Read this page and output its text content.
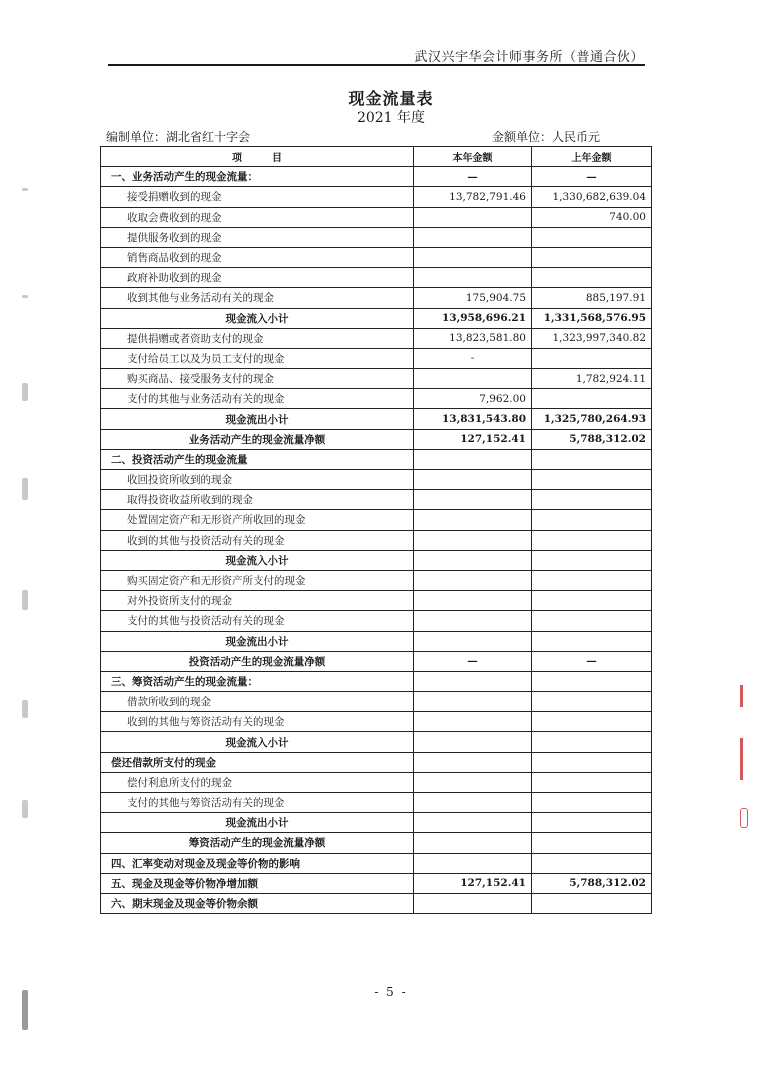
武汉兴宇华会计师事务所（普通合伙）
现金流量表
2021 年度
编制单位：湖北省红十字会	金额单位：人民币元
项　　　目	本年金额	上年金额
一、业务活动产生的现金流量：	—	—
接受捐赠收到的现金	13,782,791.46	1,330,682,639.04
收取会费收到的现金		740.00
提供服务收到的现金		
销售商品收到的现金		
政府补助收到的现金		
收到其他与业务活动有关的现金	175,904.75	885,197.91
现金流入小计	13,958,696.21	1,331,568,576.95
提供捐赠或者资助支付的现金	13,823,581.80	1,323,997,340.82
支付给员工以及为员工支付的现金	-	
购买商品、接受服务支付的现金		1,782,924.11
支付的其他与业务活动有关的现金	7,962.00	
现金流出小计	13,831,543.80	1,325,780,264.93
业务活动产生的现金流量净额	127,152.41	5,788,312.02
二、投资活动产生的现金流量		
收回投资所收到的现金		
取得投资收益所收到的现金		
处置固定资产和无形资产所收回的现金		
收到的其他与投资活动有关的现金		
现金流入小计		
购买固定资产和无形资产所支付的现金		
对外投资所支付的现金		
支付的其他与投资活动有关的现金		
现金流出小计		
投资活动产生的现金流量净额	—	—
三、筹资活动产生的现金流量：		
借款所收到的现金		
收到的其他与筹资活动有关的现金		
现金流入小计		
偿还借款所支付的现金		
偿付利息所支付的现金		
支付的其他与筹资活动有关的现金		
现金流出小计		
筹资活动产生的现金流量净额		
四、汇率变动对现金及现金等价物的影响		
五、现金及现金等价物净增加额	127,152.41	5,788,312.02
六、期末现金及现金等价物余额		
- 5 -
